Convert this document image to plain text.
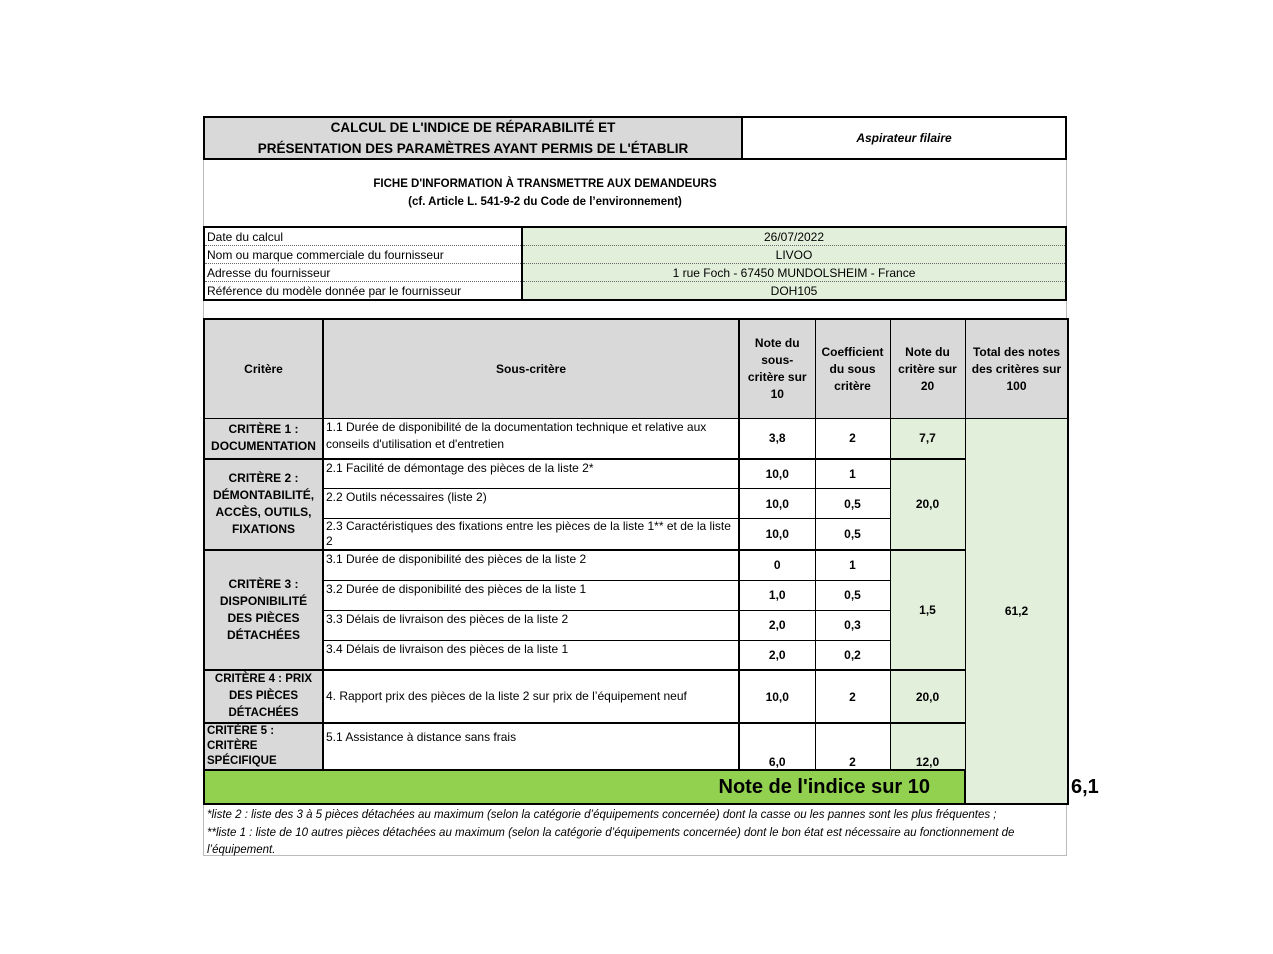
CALCUL DE L'INDICE DE RÉPARABILITÉ ET
PRÉSENTATION DES PARAMÈTRES AYANT PERMIS DE L'ÉTABLIR
Aspirateur filaire
FICHE D'INFORMATION À TRANSMETTRE AUX DEMANDEURS
(cf. Article L. 541-9-2 du Code de l’environnement)
Date du calcul	26/07/2022
Nom ou marque commerciale du fournisseur	LIVOO
Adresse du fournisseur	1 rue Foch - 67450 MUNDOLSHEIM - France
Référence du modèle donnée par le fournisseur	DOH105
Critère	Sous-critère	Note du sous-critère sur 10	Coefficient du sous critère	Note du critère sur 20	Total des notes des critères sur 100	
CRITÈRE 1 : DOCUMENTATION	1.1 Durée de disponibilité de la documentation technique et relative aux conseils d'utilisation et d'entretien	3,8	2	7,7	61,2	
CRITÈRE 2 : DÉMONTABILITÉ, ACCÈS, OUTILS, FIXATIONS	2.1 Facilité de démontage des pièces de la liste 2*	10,0	1	20,0		
	2.2 Outils nécessaires (liste 2)	10,0	0,5			
	2.3 Caractéristiques des fixations entre les pièces de la liste 1** et de la liste 2	10,0	0,5			
CRITÈRE 3 : DISPONIBILITÉ DES PIÈCES DÉTACHÉES	3.1 Durée de disponibilité des pièces de la liste 2	0	1	1,5		
	3.2 Durée de disponibilité des pièces de la liste 1	1,0	0,5			
	3.3 Délais de livraison des pièces de la liste 2	2,0	0,3			
	3.4 Délais de livraison des pièces de la liste 1	2,0	0,2			
CRITÈRE 4 : PRIX DES PIÈCES DÉTACHÉES	4. Rapport prix des pièces de la liste 2 sur prix de l’équipement neuf	10,0	2	20,0		
CRITÈRE 5 : CRITÈRE SPÉCIFIQUE	5.1 Assistance à distance sans frais	6,0	2	12,0		
Note de l'indice sur 10						6,1
*liste 2 : liste des 3 à 5 pièces détachées au maximum (selon la catégorie d’équipements concernée) dont la casse ou les pannes sont les plus fréquentes ;
**liste 1 : liste de 10 autres pièces détachées au maximum (selon la catégorie d’équipements concernée) dont le bon état est nécessaire au fonctionnement de l’équipement.
